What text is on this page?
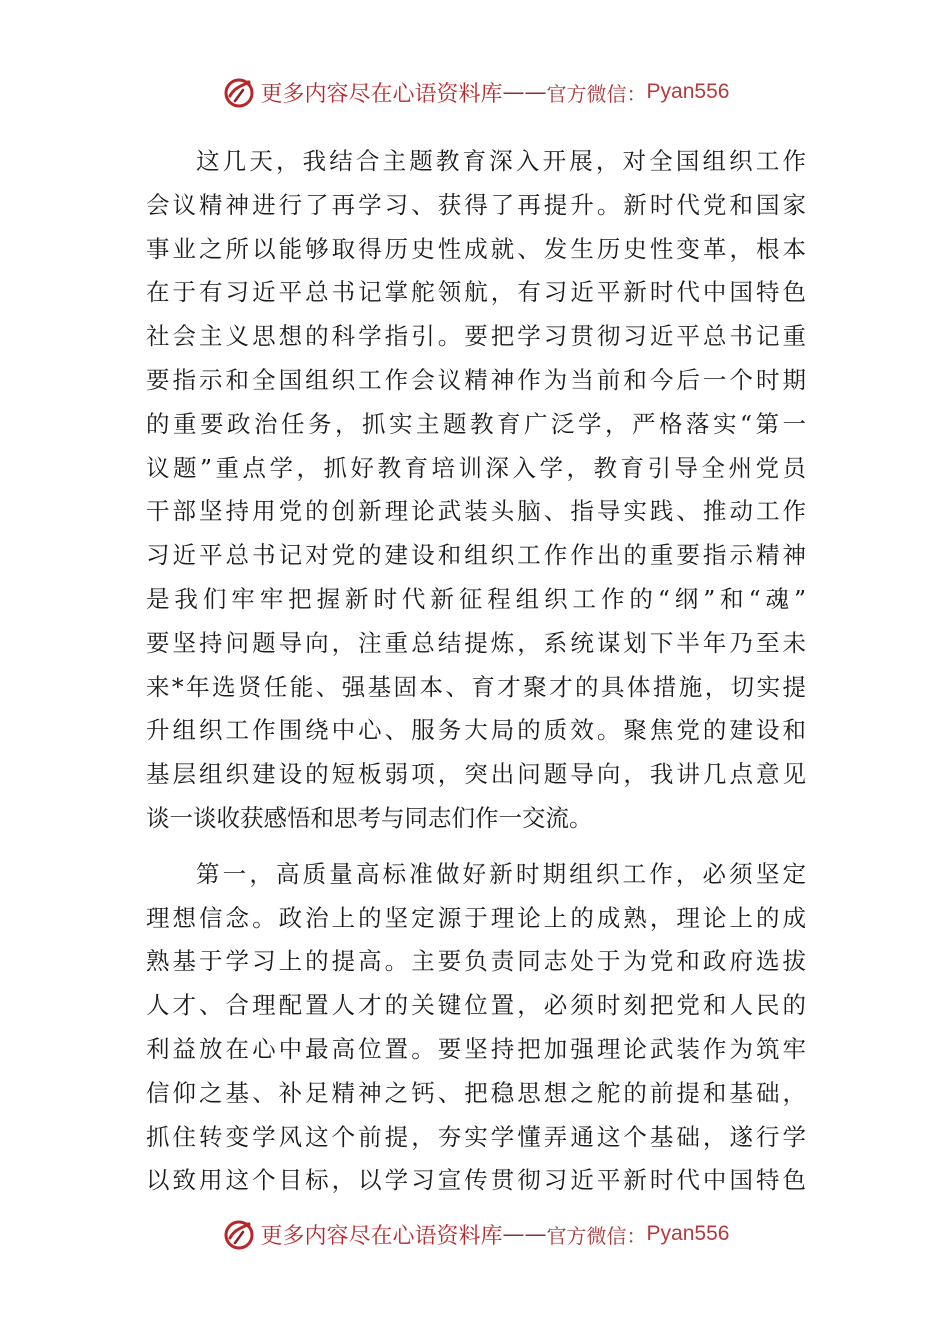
更多内容尽在心语资料库 —— 官方微信： Pyan556
这几天，我结合主题教育深入开展，对全国组织工作
会议精神进行了再学习、获得了再提升。新时代党和国家
事业之所以能够取得历史性成就、发生历史性变革，根本
在于有习近平总书记掌舵领航，有习近平新时代中国特色
社会主义思想的科学指引。要把学习贯彻习近平总书记重
要指示和全国组织工作会议精神作为当前和今后一个时期
的重要政治任务，抓实主题教育广泛学，严格落实“第一
议题”重点学，抓好教育培训深入学，教育引导全州党员
干部坚持用党的创新理论武装头脑、指导实践、推动工作
习近平总书记对党的建设和组织工作作出的重要指示精神
是我们牢牢把握新时代新征程组织工作的“纲”和“魂”
要坚持问题导向，注重总结提炼，系统谋划下半年乃至未
来*年选贤任能、强基固本、育才聚才的具体措施，切实提
升组织工作围绕中心、服务大局的质效。聚焦党的建设和
基层组织建设的短板弱项，突出问题导向，我讲几点意见
谈一谈收获感悟和思考与同志们作一交流。
第一，高质量高标准做好新时期组织工作，必须坚定
理想信念。政治上的坚定源于理论上的成熟，理论上的成
熟基于学习上的提高。主要负责同志处于为党和政府选拔
人才、合理配置人才的关键位置，必须时刻把党和人民的
利益放在心中最高位置。要坚持把加强理论武装作为筑牢
信仰之基、补足精神之钙、把稳思想之舵的前提和基础，
抓住转变学风这个前提，夯实学懂弄通这个基础，遂行学
以致用这个目标，以学习宣传贯彻习近平新时代中国特色
更多内容尽在心语资料库 —— 官方微信： Pyan556
